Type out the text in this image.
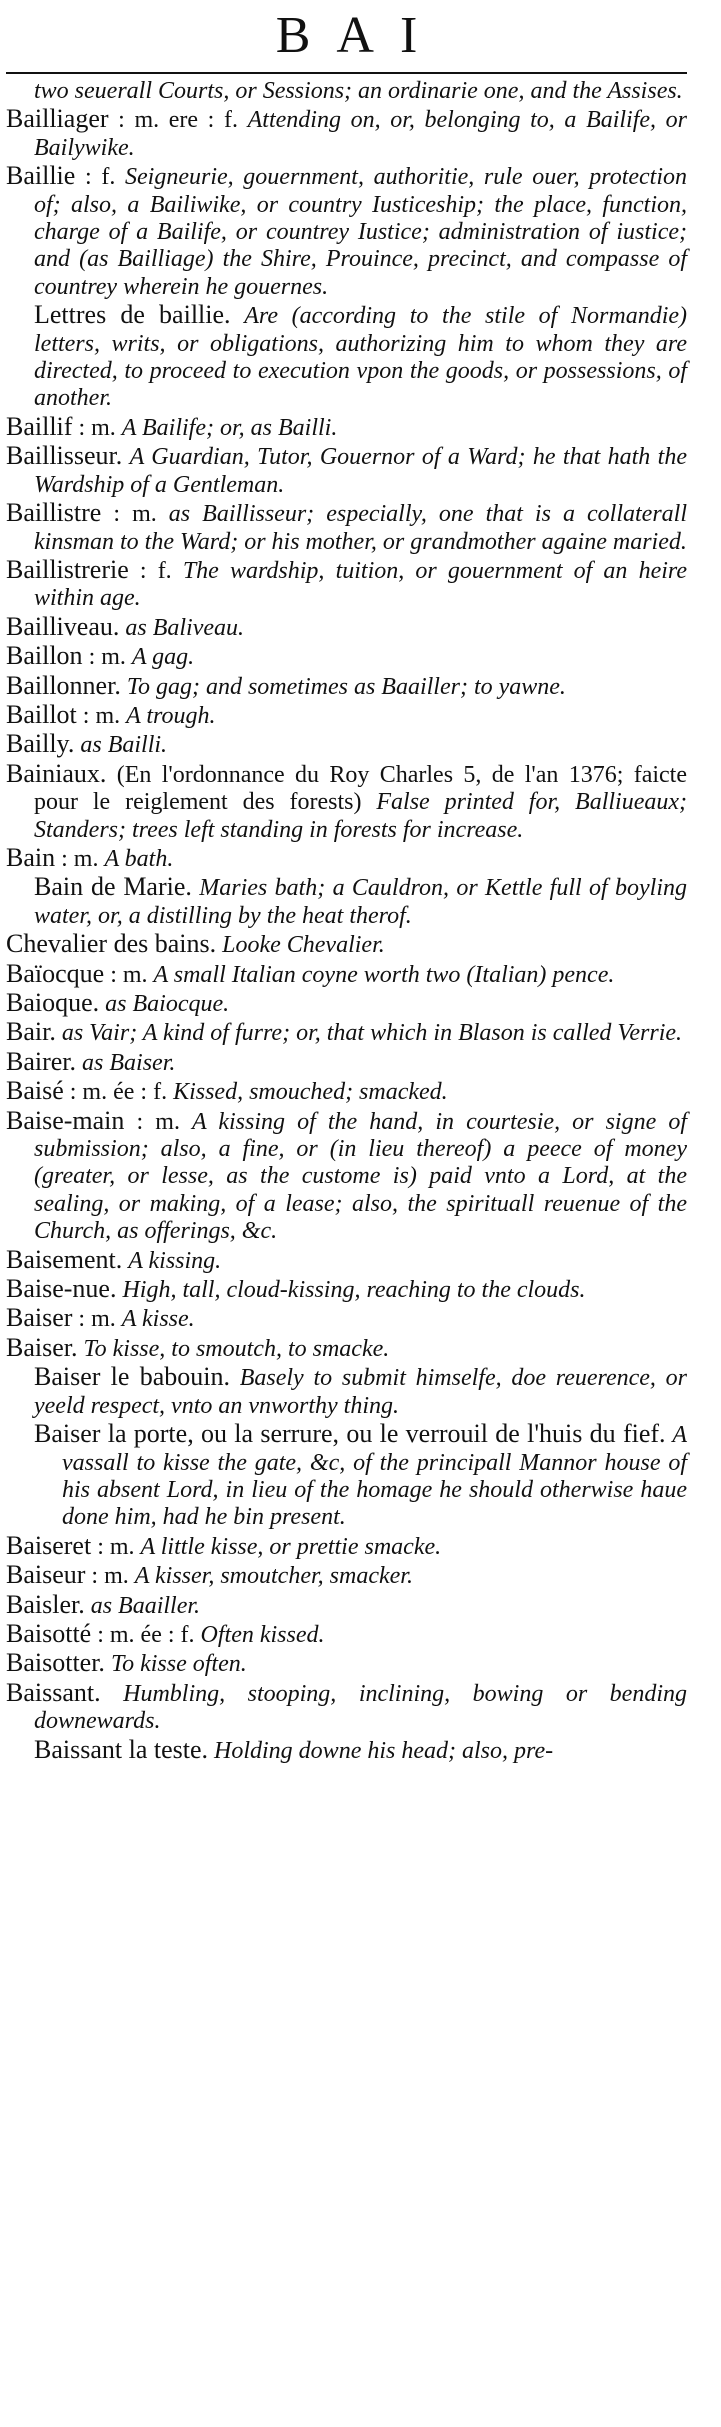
BAI

two seuerall Courts, or Sessions; an ordinarie one, and the Assises.

Bailliager : m. ere : f. Attending on, or, belonging to, a Bailife, or Bailywike.

Baillie : f. Seigneurie, gouernment, authoritie, rule ouer, protection of; also, a Bailiwike, or country Iusticeship; the place, function, charge of a Bailife, or countrey Iustice; administration of iustice; and (as Bailliage) the Shire, Prouince, precinct, and compasse of countrey wherein he gouernes.

Lettres de baillie. Are (according to the stile of Normandie) letters, writs, or obligations, authorizing him to whom they are directed, to proceed to execution vpon the goods, or possessions, of another.

Baillif : m. A Bailife; or, as Bailli.

Baillisseur. A Guardian, Tutor, Gouernor of a Ward; he that hath the Wardship of a Gentleman.

Baillistre : m. as Baillisseur; especially, one that is a collaterall kinsman to the Ward; or his mother, or grandmother againe maried.

Baillistrerie : f. The wardship, tuition, or gouernment of an heire within age.

Bailliveau. as Baliveau.

Baillon : m. A gag.

Baillonner. To gag; and sometimes as Baailler; to yawne.

Baillot : m. A trough.

Bailly. as Bailli.

Bainiaux. (En l'ordonnance du Roy Charles 5, de l'an 1376; faicte pour le reiglement des forests) False printed for, Balliueaux; Standers; trees left standing in forests for increase.

Bain : m. A bath.

Bain de Marie. Maries bath; a Cauldron, or Kettle full of boyling water, or, a distilling by the heat therof.

Chevalier des bains. Looke Chevalier.

Baïocque : m. A small Italian coyne worth two (Italian) pence.

Baioque. as Baiocque.

Bair. as Vair; A kind of furre; or, that which in Blason is called Verrie.

Bairer. as Baiser.

Baisé : m. ée : f. Kissed, smouched; smacked.

Baise-main : m. A kissing of the hand, in courtesie, or signe of submission; also, a fine, or (in lieu thereof) a peece of money (greater, or lesse, as the custome is) paid vnto a Lord, at the sealing, or making, of a lease; also, the spirituall reuenue of the Church, as offerings, &c.

Baisement. A kissing.

Baise-nue. High, tall, cloud-kissing, reaching to the clouds.

Baiser : m. A kisse.

Baiser. To kisse, to smoutch, to smacke.

Baiser le babouin. Basely to submit himselfe, doe reuerence, or yeeld respect, vnto an vnworthy thing.

Baiser la porte, ou la serrure, ou le verrouil de l'huis du fief. A vassall to kisse the gate, &c, of the principall Mannor house of his absent Lord, in lieu of the homage he should otherwise haue done him, had he bin present.

Baiseret : m. A little kisse, or prettie smacke.

Baiseur : m. A kisser, smoutcher, smacker.

Baisler. as Baailler.

Baisotté : m. ée : f. Often kissed.

Baisotter. To kisse often.

Baissant. Humbling, stooping, inclining, bowing or bending downewards.

Baissant la teste. Holding downe his head; also, pre-
